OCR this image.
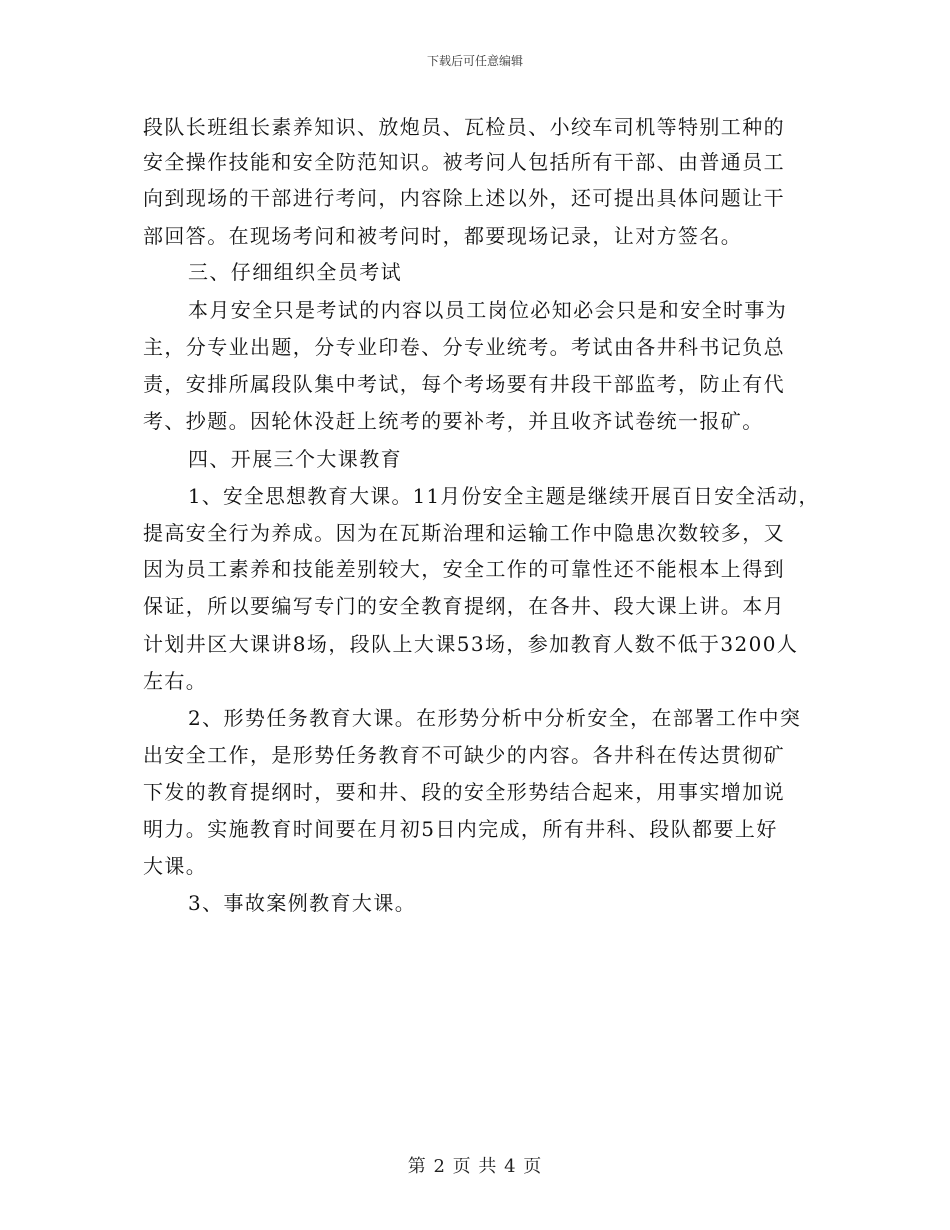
下载后可任意编辑
段队长班组长素养知识、放炮员、瓦检员、小绞车司机等特别工种的
安全操作技能和安全防范知识。被考问人包括所有干部、由普通员工
向到现场的干部进行考问，内容除上述以外，还可提出具体问题让干
部回答。在现场考问和被考问时，都要现场记录，让对方签名。
三、仔细组织全员考试
本月安全只是考试的内容以员工岗位必知必会只是和安全时事为
主，分专业出题，分专业印卷、分专业统考。考试由各井科书记负总
责，安排所属段队集中考试，每个考场要有井段干部监考，防止有代
考、抄题。因轮休没赶上统考的要补考，并且收齐试卷统一报矿。
四、开展三个大课教育
1、安全思想教育大课。11月份安全主题是继续开展百日安全活动，
提高安全行为养成。因为在瓦斯治理和运输工作中隐患次数较多，又
因为员工素养和技能差别较大，安全工作的可靠性还不能根本上得到
保证，所以要编写专门的安全教育提纲，在各井、段大课上讲。本月
计划井区大课讲8场，段队上大课53场，参加教育人数不低于3200人
左右。
2、形势任务教育大课。在形势分析中分析安全，在部署工作中突
出安全工作，是形势任务教育不可缺少的内容。各井科在传达贯彻矿
下发的教育提纲时，要和井、段的安全形势结合起来，用事实增加说
明力。实施教育时间要在月初5日内完成，所有井科、段队都要上好
大课。
3、事故案例教育大课。
第 2 页 共 4 页
